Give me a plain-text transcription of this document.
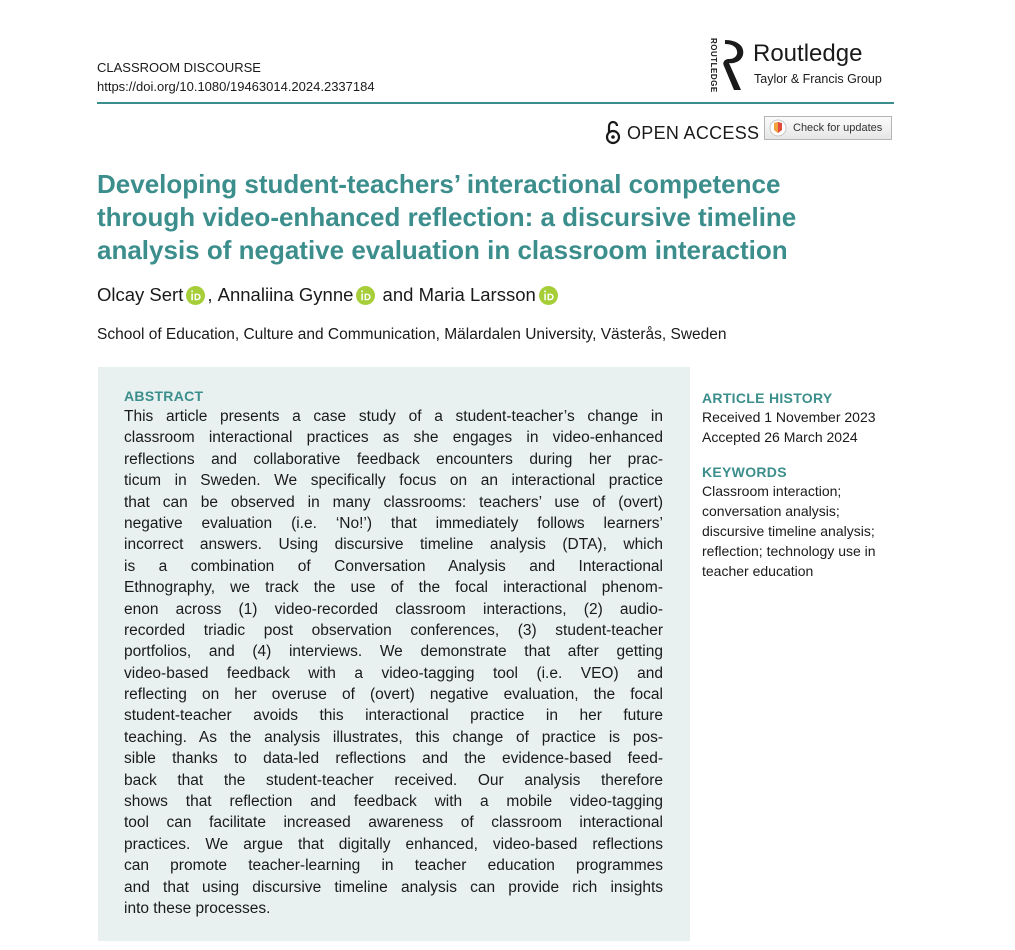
CLASSROOM DISCOURSE
https://doi.org/10.1080/19463014.2024.2337184	ROUTLEDGE Routledge
Taylor & Francis Group
OPEN ACCESS	Check for updates
Developing student-teachers’ interactional competence
through video-enhanced reflection: a discursive timeline
analysis of negative evaluation in classroom interaction
Olcay Sert , Annaliina Gynne and Maria Larsson
School of Education, Culture and Communication, Mälardalen University, Västerås, Sweden
ABSTRACT
This article presents a case study of a student-teacher’s change in
classroom interactional practices as she engages in video-enhanced
reflections and collaborative feedback encounters during her prac-
ticum in Sweden. We specifically focus on an interactional practice
that can be observed in many classrooms: teachers’ use of (overt)
negative evaluation (i.e. ‘No!’) that immediately follows learners’
incorrect answers. Using discursive timeline analysis (DTA), which
is a combination of Conversation Analysis and Interactional
Ethnography, we track the use of the focal interactional phenom-
enon across (1) video-recorded classroom interactions, (2) audio-
recorded triadic post observation conferences, (3) student-teacher
portfolios, and (4) interviews. We demonstrate that after getting
video-based feedback with a video-tagging tool (i.e. VEO) and
reflecting on her overuse of (overt) negative evaluation, the focal
student-teacher avoids this interactional practice in her future
teaching. As the analysis illustrates, this change of practice is pos-
sible thanks to data-led reflections and the evidence-based feed-
back that the student-teacher received. Our analysis therefore
shows that reflection and feedback with a mobile video-tagging
tool can facilitate increased awareness of classroom interactional
practices. We argue that digitally enhanced, video-based reflections
can promote teacher-learning in teacher education programmes
and that using discursive timeline analysis can provide rich insights
into these processes.
ARTICLE HISTORY
Received 1 November 2023
Accepted 26 March 2024
KEYWORDS
Classroom interaction;
conversation analysis;
discursive timeline analysis;
reflection; technology use in
teacher education
